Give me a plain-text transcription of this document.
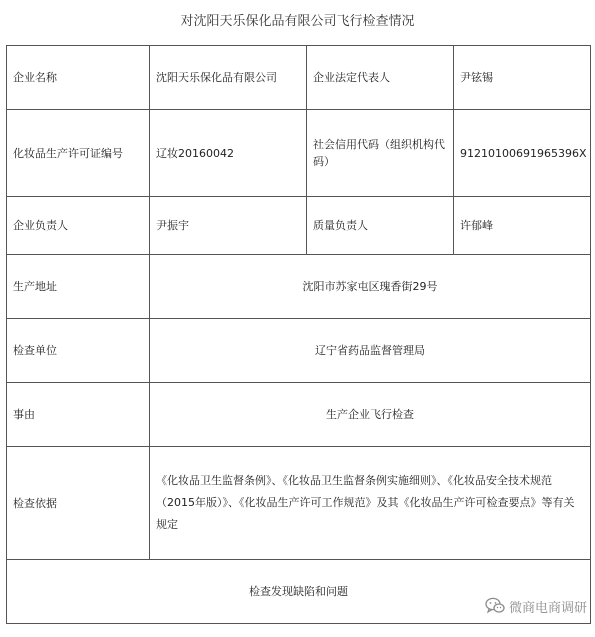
对沈阳天乐保化品有限公司飞行检查情况
企业名称	沈阳天乐保化品有限公司	企业法定代表人	尹铉锡
化妆品生产许可证编号	辽妆20160042	社会信用代码（组织机构代码）	91210100691965396X
企业负责人	尹振宇	质量负责人	许郁峰
生产地址	沈阳市苏家屯区瑰香街29号		
检查单位	辽宁省药品监督管理局		
事由	生产企业飞行检查		
检查依据	《化妆品卫生监督条例》、《化妆品卫生监督条例实施细则》、《化妆品安全技术规范（2015年版）》、《化妆品生产许可工作规范》及其《化妆品生产许可检查要点》等有关规定		
检查发现缺陷和问题			
微商电商调研
